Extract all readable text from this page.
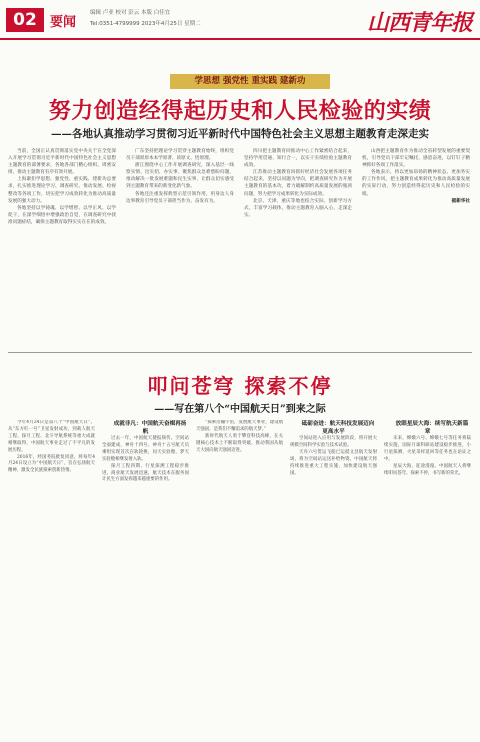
02	要闻
编辑 卢亚 校对 彭云 本版 白佳宜
Tel:0351-4799999 2023年4月25日 星期二	山西青年报
学思想 强党性 重实践 建新功
努力创造经得起历史和人民检验的实绩
——各地认真推动学习贯彻习近平新时代中国特色社会主义思想主题教育走深走实

当前，全国正认真贯彻落实党中央关于在全党深入开展学习贯彻习近平新时代中国特色社会主义思想主题教育的部署要求，各地各部门精心组织、周密安排，推动主题教育有序有效开展。

上海紧扣学思想、强党性、重实践、建新功总要求，扎实推进理论学习、调查研究、推动发展、检视整改等各项工作，切实把学习成效转化为推动高质量发展的强大动力。

各地坚持以学铸魂、以学增智、以学正风、以学促干，在深学细悟中增强政治自觉，在调查研究中找准问题症结，确保主题教育取得实实在在的成效。

广东坚持把理论学习贯穿主题教育始终，组织党员干部原原本本学原著、读原文、悟原理。

浙江围绕中心工作开展调查研究，深入基层一线察实情、出实招、办实事，聚焦群众急难愁盼问题，推动解决一批发展难题和民生实事，让群众切实感受到主题教育带来的新变化新气象。

各地还注重发挥典型示范引领作用，用身边人身边事教育引导党员干部担当作为、奋发有为。

四川把主题教育同推动中心工作紧密结合起来，坚持学用贯通、知行合一，以实干实绩检验主题教育成效。

江苏推动主题教育同抓好经济社会发展各项任务结合起来，坚持以问题为导向，把调查研究作为开展主题教育的基本功，着力破解制约高质量发展的瓶颈问题，努力把学习成果转化为实际成效。

北京、天津、重庆等地也结合实际，创新学习方式，丰富学习载体，推动主题教育入脑入心、走深走实。

山西把主题教育作为推动全省转型发展的重要契机，引导党员干部牢记嘱托、感恩奋进，以钉钉子精神抓好各项工作落实。

各地表示，将以更加昂扬的精神状态、更加务实的工作作风，把主题教育成果转化为推动高质量发展的实际行动，努力创造经得起历史和人民检验的实绩。

据新华社

叩问苍穹 探索不停
——写在第八个“中国航天日”到来之际

今年4月24日是第八个“中国航天日”。从“东方红一号”卫星发射成功，到载人航天工程、探月工程、北斗导航系统等重大成就相继取得，中国航天事业走过了不平凡的发展历程。

2016年，经国务院批复同意，将每年4月24日设立为“中国航天日”，旨在弘扬航天精神，激发全民族探索创新热情。

成就非凡：中国航天奋楫再扬帆

过去一年，中国航天捷报频传。空间站全面建成，神舟十四号、神舟十五号航天员乘组实现首次在轨轮换，问天实验舱、梦天实验舱相继发射入轨。

探月工程四期、行星探测工程稳步推进，商业航天发展迅速，航天技术在服务国计民生方面发挥越来越重要的作用。

“探索浩瀚宇宙，发展航天事业，建设航天强国，是我们不懈追求的航天梦。”

新时代航天人勇于攀登科技高峰，在关键核心技术上不断取得突破，推动我国从航天大国向航天强国迈进。

砥砺奋进：航天科技发展迈向更高水平

空间站进入应用与发展阶段，将开展大规模空间科学实验与技术试验。

天舟六号货运飞船已运抵文昌航天发射场，将为空间站运送补给物资。中国航天将持续推进重大工程实施，加快建设航天强国。

放眼星辰大海：续写航天新篇章

未来，嫦娥六号、嫦娥七号等任务将陆续实施，国际月球科研站建设稳步推进，小行星探测、火星采样返回等任务也在论证之中。

星辰大海，征途漫漫。中国航天人将继续叩问苍穹、探索不停，书写新的荣光。
